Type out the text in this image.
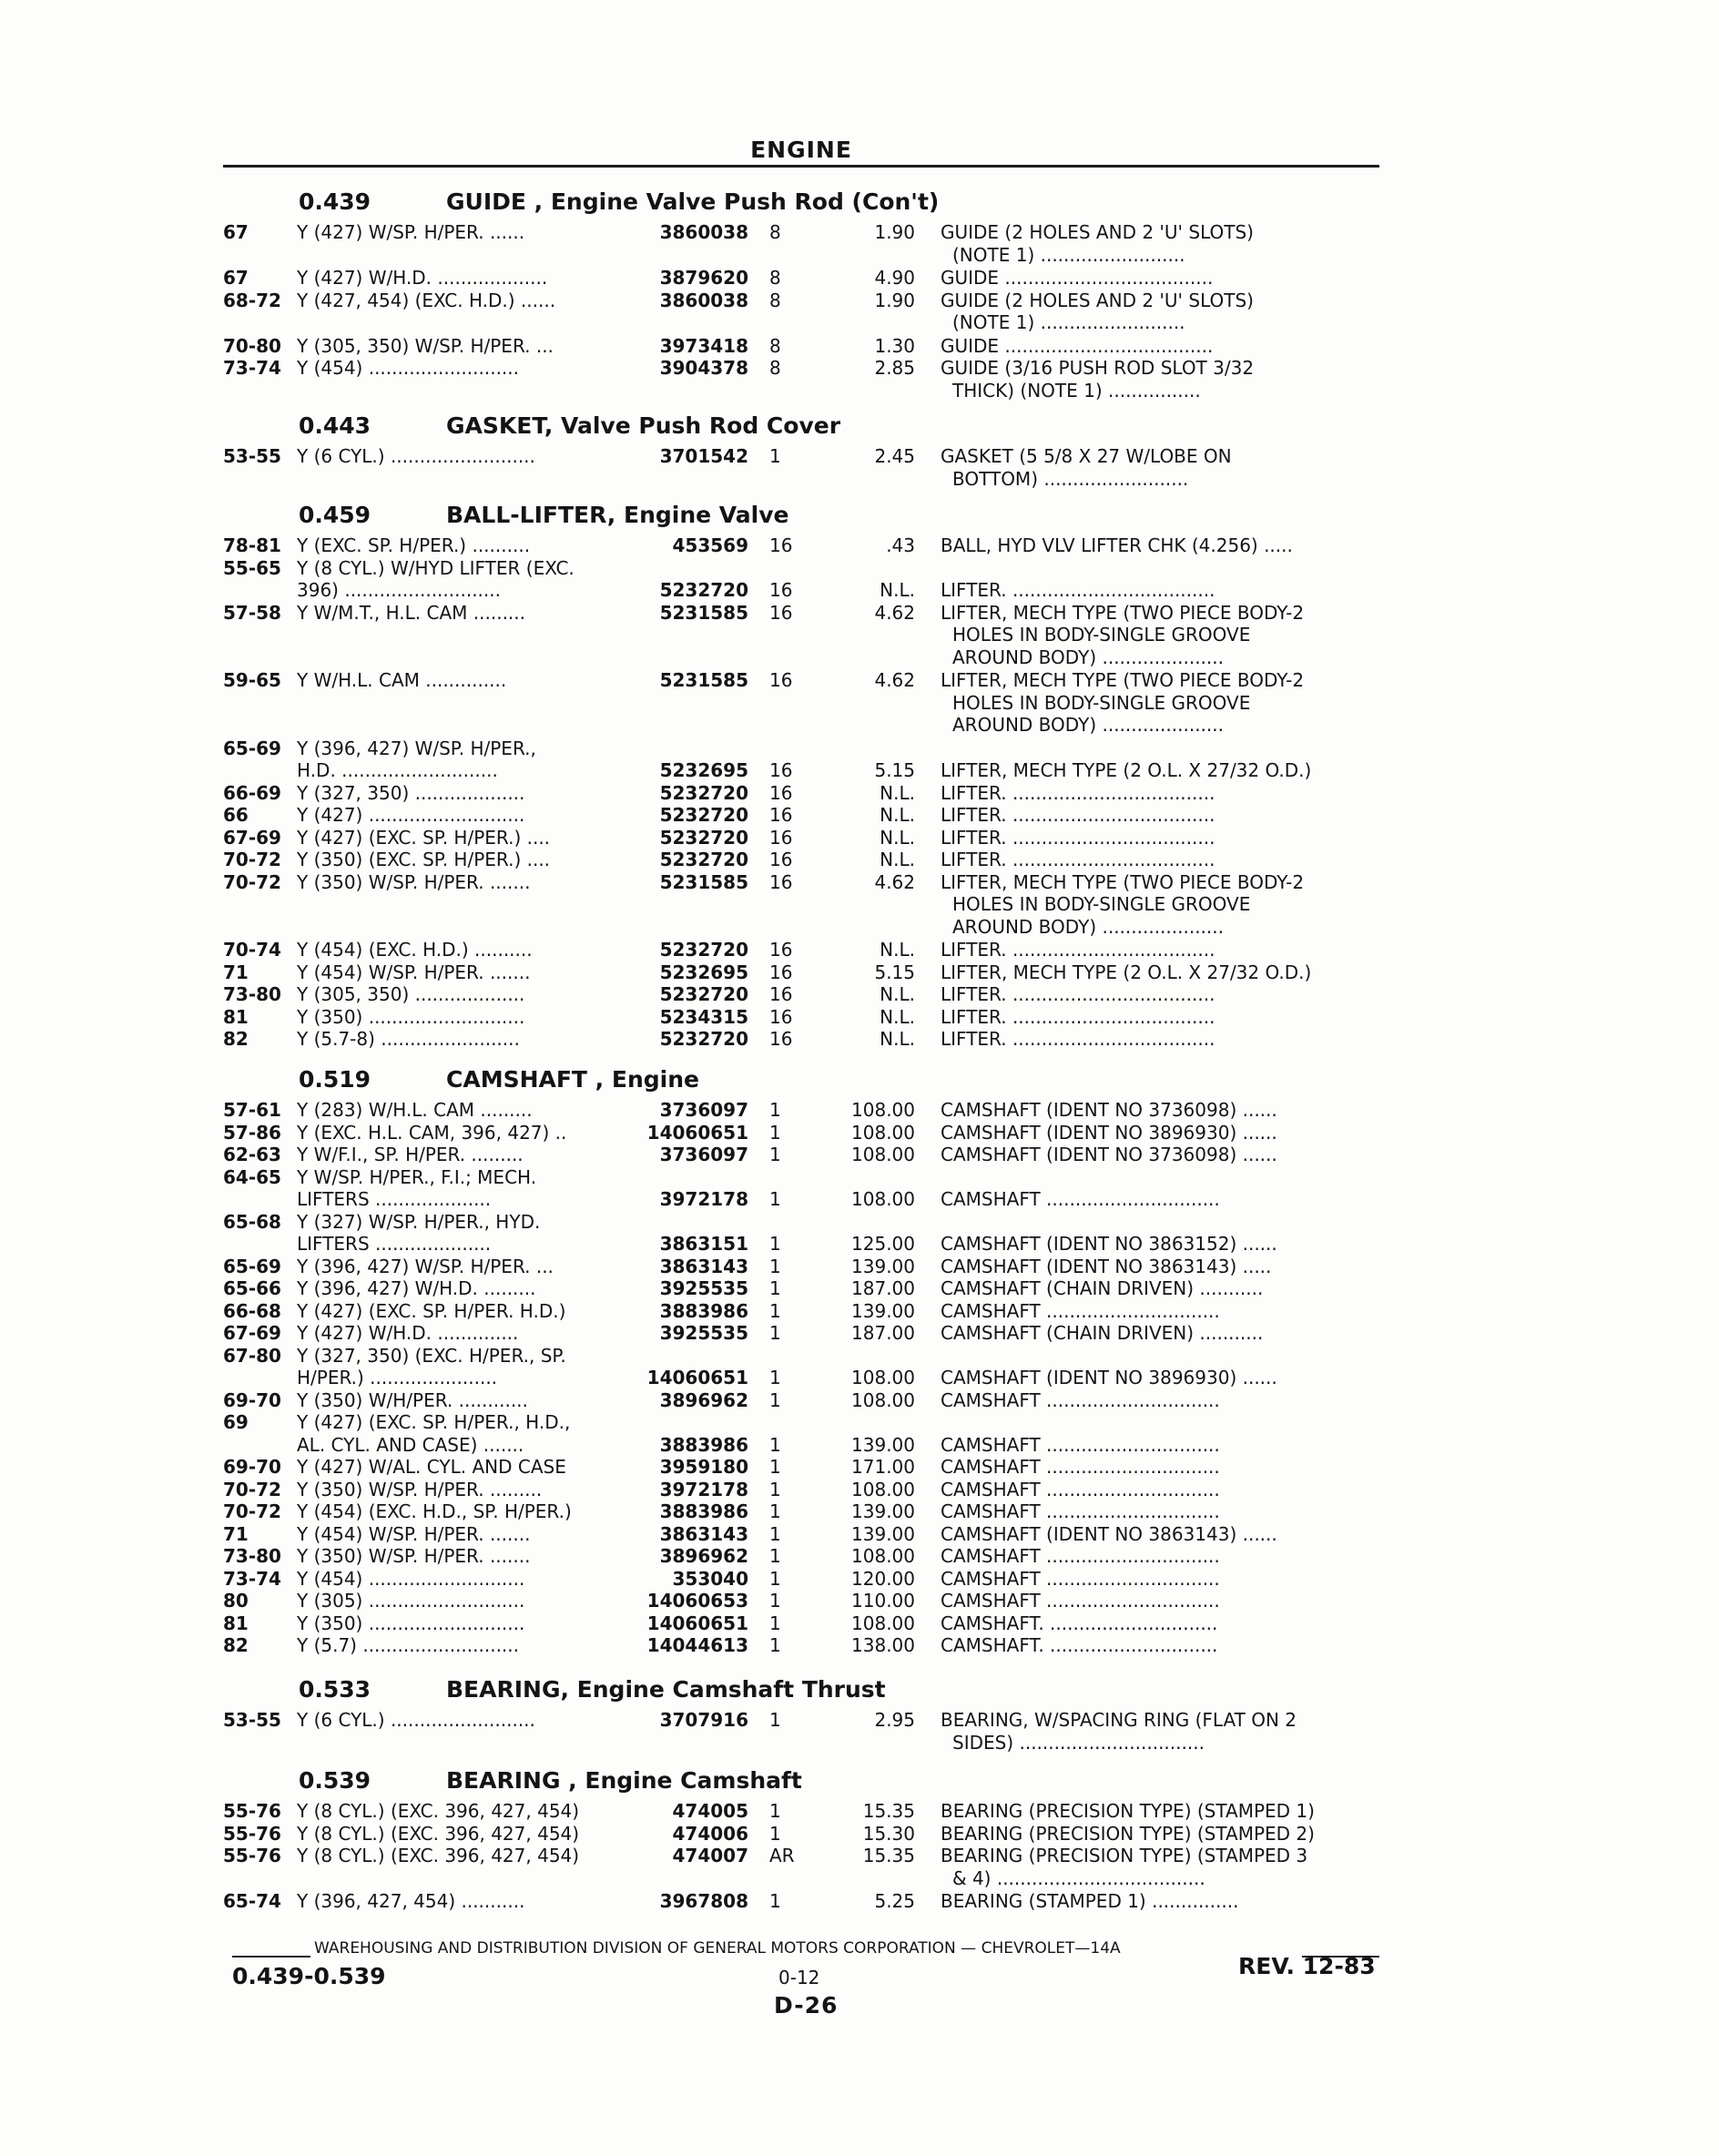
ENGINE
0.439	GUIDE , Engine Valve Push Rod (Con't)
67	Y (427) W/SP. H/PER. ......	3860038 8	1.90 GUIDE (2 HOLES AND 2 'U' SLOTS)
(NOTE 1) .........................
67	Y (427) W/H.D. ...................	3879620 8	4.90 GUIDE ....................................
68-72 Y (427, 454) (EXC. H.D.) ......	3860038 8	1.90 GUIDE (2 HOLES AND 2 'U' SLOTS)
(NOTE 1) .........................
70-80 Y (305, 350) W/SP. H/PER. ...	3973418 8	1.30 GUIDE ....................................
73-74 Y (454) ..........................	3904378 8	2.85 GUIDE (3/16 PUSH ROD SLOT 3/32
THICK) (NOTE 1) ................
0.443	GASKET, Valve Push Rod Cover
53-55 Y (6 CYL.) .........................	3701542 1	2.45 GASKET (5 5/8 X 27 W/LOBE ON
BOTTOM) .........................
0.459	BALL-LIFTER, Engine Valve
78-81 Y (EXC. SP. H/PER.) ..........	453569 16	.43 BALL, HYD VLV LIFTER CHK (4.256) .....
55-65 Y (8 CYL.) W/HYD LIFTER (EXC.
396) ...........................	5232720 16	N.L. LIFTER. ...................................
57-58 Y W/M.T., H.L. CAM .........	5231585 16	4.62 LIFTER, MECH TYPE (TWO PIECE BODY-2
HOLES IN BODY-SINGLE GROOVE
AROUND BODY) .....................
59-65 Y W/H.L. CAM ..............	5231585 16	4.62 LIFTER, MECH TYPE (TWO PIECE BODY-2
HOLES IN BODY-SINGLE GROOVE
AROUND BODY) .....................
65-69 Y (396, 427) W/SP. H/PER.,
H.D. ...........................	5232695 16	5.15 LIFTER, MECH TYPE (2 O.L. X 27/32 O.D.)
66-69 Y (327, 350) ...................	5232720 16	N.L. LIFTER. ...................................
66	Y (427) ...........................	5232720 16	N.L. LIFTER. ...................................
67-69 Y (427) (EXC. SP. H/PER.) ....	5232720 16	N.L. LIFTER. ...................................
70-72 Y (350) (EXC. SP. H/PER.) ....	5232720 16	N.L. LIFTER. ...................................
70-72 Y (350) W/SP. H/PER. .......	5231585 16	4.62 LIFTER, MECH TYPE (TWO PIECE BODY-2
HOLES IN BODY-SINGLE GROOVE
AROUND BODY) .....................
70-74 Y (454) (EXC. H.D.) ..........	5232720 16	N.L. LIFTER. ...................................
71	Y (454) W/SP. H/PER. .......	5232695 16	5.15 LIFTER, MECH TYPE (2 O.L. X 27/32 O.D.)
73-80 Y (305, 350) ...................	5232720 16	N.L. LIFTER. ...................................
81	Y (350) ...........................	5234315 16	N.L. LIFTER. ...................................
82	Y (5.7-8) ........................	5232720 16	N.L. LIFTER. ...................................
0.519	CAMSHAFT , Engine
57-61 Y (283) W/H.L. CAM .........	3736097 1	108.00 CAMSHAFT (IDENT NO 3736098) ......
57-86 Y (EXC. H.L. CAM, 396, 427) ..	14060651 1	108.00 CAMSHAFT (IDENT NO 3896930) ......
62-63 Y W/F.I., SP. H/PER. .........	3736097 1	108.00 CAMSHAFT (IDENT NO 3736098) ......
64-65 Y W/SP. H/PER., F.I.; MECH.
LIFTERS ....................	3972178 1	108.00 CAMSHAFT ..............................
65-68 Y (327) W/SP. H/PER., HYD.
LIFTERS ....................	3863151 1	125.00 CAMSHAFT (IDENT NO 3863152) ......
65-69 Y (396, 427) W/SP. H/PER. ...	3863143 1	139.00 CAMSHAFT (IDENT NO 3863143) .....
65-66 Y (396, 427) W/H.D. .........	3925535 1	187.00 CAMSHAFT (CHAIN DRIVEN) ...........
66-68 Y (427) (EXC. SP. H/PER. H.D.)	3883986 1	139.00 CAMSHAFT ..............................
67-69 Y (427) W/H.D. ..............	3925535 1	187.00 CAMSHAFT (CHAIN DRIVEN) ...........
67-80 Y (327, 350) (EXC. H/PER., SP.
H/PER.) ......................	14060651 1	108.00 CAMSHAFT (IDENT NO 3896930) ......
69-70 Y (350) W/H/PER. ............	3896962 1	108.00 CAMSHAFT ..............................
69	Y (427) (EXC. SP. H/PER., H.D.,
AL. CYL. AND CASE) .......	3883986 1	139.00 CAMSHAFT ..............................
69-70 Y (427) W/AL. CYL. AND CASE	3959180 1	171.00 CAMSHAFT ..............................
70-72 Y (350) W/SP. H/PER. .........	3972178 1	108.00 CAMSHAFT ..............................
70-72 Y (454) (EXC. H.D., SP. H/PER.)	3883986 1	139.00 CAMSHAFT ..............................
71	Y (454) W/SP. H/PER. .......	3863143 1	139.00 CAMSHAFT (IDENT NO 3863143) ......
73-80 Y (350) W/SP. H/PER. .......	3896962 1	108.00 CAMSHAFT ..............................
73-74 Y (454) ...........................	353040 1	120.00 CAMSHAFT ..............................
80	Y (305) ...........................	14060653 1	110.00 CAMSHAFT ..............................
81	Y (350) ...........................	14060651 1	108.00 CAMSHAFT. .............................
82	Y (5.7) ...........................	14044613 1	138.00 CAMSHAFT. .............................
0.533	BEARING, Engine Camshaft Thrust
53-55 Y (6 CYL.) .........................	3707916 1	2.95 BEARING, W/SPACING RING (FLAT ON 2
SIDES) ................................
0.539	BEARING , Engine Camshaft
55-76 Y (8 CYL.) (EXC. 396, 427, 454)	474005 1	15.35 BEARING (PRECISION TYPE) (STAMPED 1)
55-76 Y (8 CYL.) (EXC. 396, 427, 454)	474006 1	15.30 BEARING (PRECISION TYPE) (STAMPED 2)
55-76 Y (8 CYL.) (EXC. 396, 427, 454)	474007 AR	15.35 BEARING (PRECISION TYPE) (STAMPED 3
& 4) ....................................
65-74 Y (396, 427, 454) ...........	3967808 1	5.25 BEARING (STAMPED 1) ...............
WAREHOUSING AND DISTRIBUTION DIVISION OF GENERAL MOTORS CORPORATION — CHEVROLET—14A
0.439-0.539	0-12	REV. 12-83
D-26
